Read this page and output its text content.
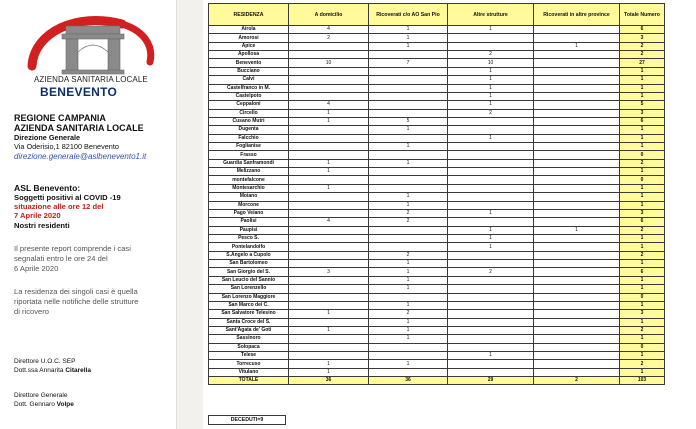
AZIENDA SANITARIA LOCALE
BENEVENTO
REGIONE CAMPANIA
AZIENDA SANITARIA LOCALE
Direzione Generale
Via Oderisio,1 82100 Benevento
direzione.generale@aslbenevento1.it
ASL Benevento:
Soggetti positivi al COVID -19
situazione alle ore 12 del
7 Aprile 2020
Nostri residenti
Il presente report comprende i casi
segnalati entro le ore 24 del
6 Aprile 2020
La residenza dei singoli casi è quella
riportata nelle notifiche delle strutture
di ricovero
Direttore U.O.C. SEP
Dott.ssa Annarita Citarella
Direttore Generale
Dott. Gennaro Volpe
RESIDENZA	A domicilio	Ricoverati c/o AO San Pio	Altre strutture	Ricoverati in altre province	Totale Numero
Airola	4	1	1		6
Amorosi	2	1			3
Apice		1		1	2
Apollosa			2		2
Benevento	10	7	10		27
Bucciano			1		1
Calvi			1		1
Castelfranco in M.			1		1
Castelpoto			1		1
Ceppaloni	4		1		5
Circello	1		2		3
Cusano Mutri	1	5			6
Dugenta		1			1
Falcchio			1		1
Foglianise		1			1
Frasso					0
Guardia Sanframondi	1	1			2
Melizzano	1				1
montefalcone					0
Montesarchio	1				1
Moiano		1			1
Morcone		1			1
Pago Veiano		2	1		3
Paolisi	4	2			6
Paupisi			1	1	2
Pesco S.			1		1
Pontelandolfo			1		1
S.Angelo a Cupolo		2			2
San Bartolomeo		1			1
San Giorgio del S.	3	1	2		6
San Leucio del Sannio		1			1
San Lorenzello		1			1
San Lorenzo Maggiore					0
San Marco dei C.		1			1
San Salvatore Telesino	1	2			3
Santa Croce del S.		1			1
Sant'Agata de' Goti	1	1			2
Sassinoro		1			1
Solopaca					0
Telese			1		1
Torrecuso	1	1			2
Vitulano	1				1
TOTALE	36	36	29	2	103
DECEDUTI=9
